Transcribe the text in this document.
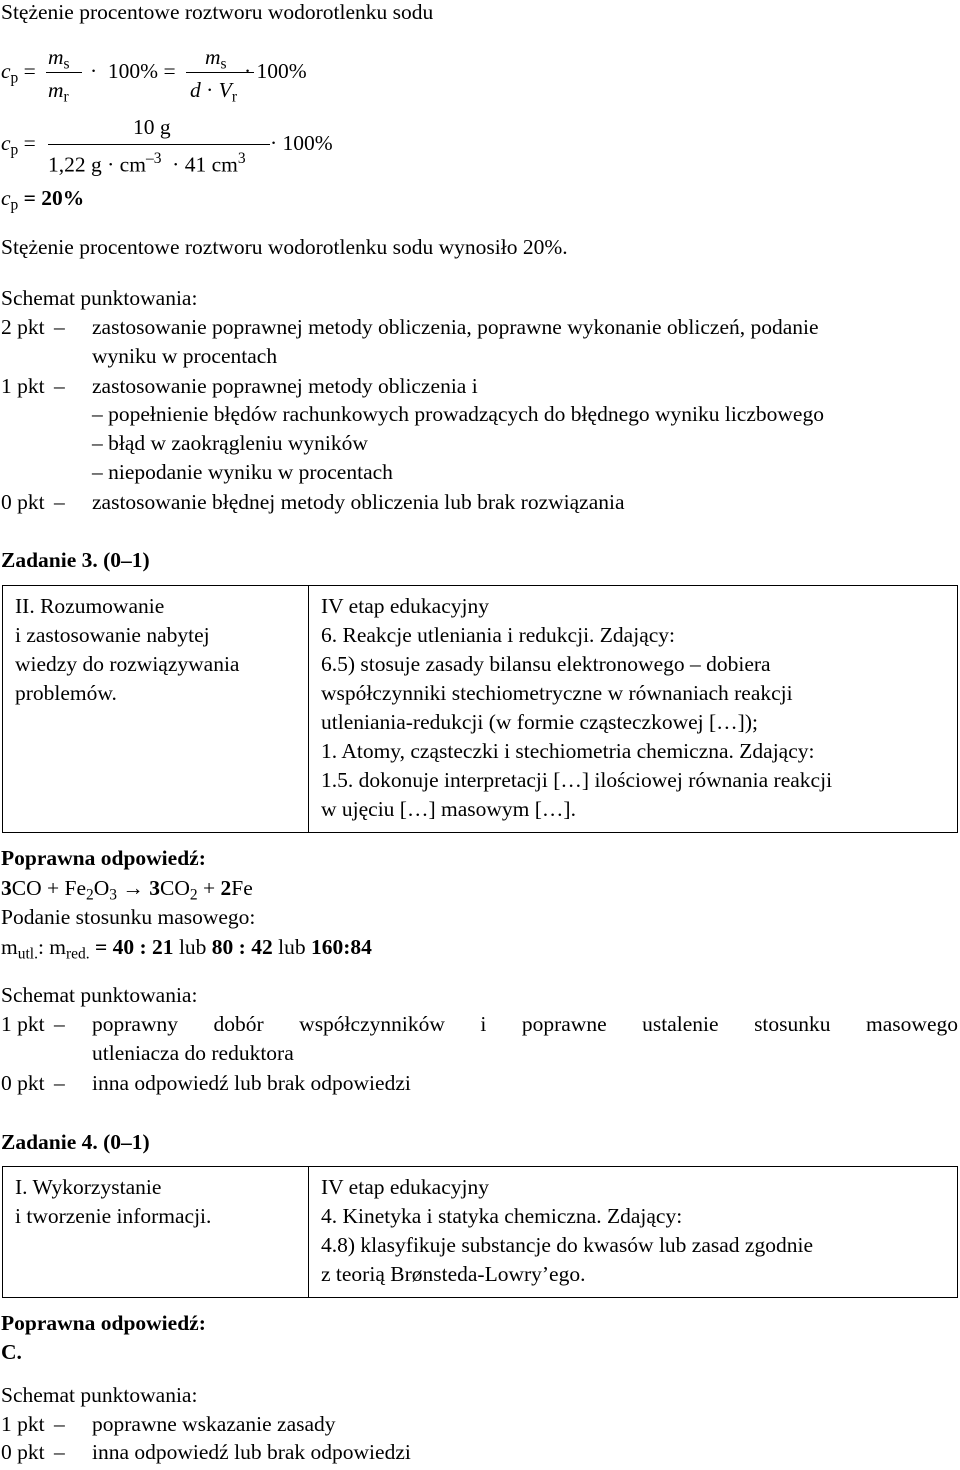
Stężenie procentowe roztworu wodorotlenku sodu
$c_p$ =
$m_s$
$m_r$
· 100% =
$m_s$
$d \cdot V_r$
· 100%
$c_p$ =
10 g
1,22 $g \cdot cm^{-3} \cdot 41$ $cm^3$
· 100%
$c_p = 20\%$
Stężenie procentowe roztworu wodorotlenku sodu wynosiło 20%.
Schemat punktowania:
2 pkt – zastosowanie poprawnej metody obliczenia, poprawne wykonanie obliczeń, podanie
wyniku w procentach
1 pkt – zastosowanie poprawnej metody obliczenia i
– popełnienie błędów rachunkowych prowadzących do błędnego wyniku liczbowego
– błąd w zaokrągleniu wyników
– niepodanie wyniku w procentach
0 pkt – zastosowanie błędnej metody obliczenia lub brak rozwiązania
Zadanie 3. (0–1)
II. Rozumowanie
i zastosowanie nabytej
wiedzy do rozwiązywania
problemów.

IV etap edukacyjny
6. Reakcje utleniania i redukcji. Zdający:
6.5) stosuje zasady bilansu elektronowego – dobiera
współczynniki stechiometryczne w równaniach reakcji
utleniania-redukcji (w formie cząsteczkowej […]);
1. Atomy, cząsteczki i stechiometria chemiczna. Zdający:
1.5. dokonuje interpretacji […] ilościowej równania reakcji
w ujęciu […] masowym […].
Poprawna odpowiedź:
$3CO + Fe_2O_3 \to 3CO_2 + 2Fe$
Podanie stosunku masowego:
$m_{utl.}$: $m_{red.} = 40$ : 21 lub 80 : 42 lub 160:84
Schemat punktowania:
1 pkt – poprawny dobór współczynników i poprawne ustalenie stosunku masowego
utleniacza do reduktora
0 pkt – inna odpowiedź lub brak odpowiedzi
Zadanie 4. (0–1)
I. Wykorzystanie
i tworzenie informacji.

IV etap edukacyjny
4. Kinetyka i statyka chemiczna. Zdający:
4.8) klasyfikuje substancje do kwasów lub zasad zgodnie
z teorią Brønsteda-Lowry’ego.
Poprawna odpowiedź:
C.
Schemat punktowania:
1 pkt – poprawne wskazanie zasady
0 pkt – inna odpowiedź lub brak odpowiedzi
